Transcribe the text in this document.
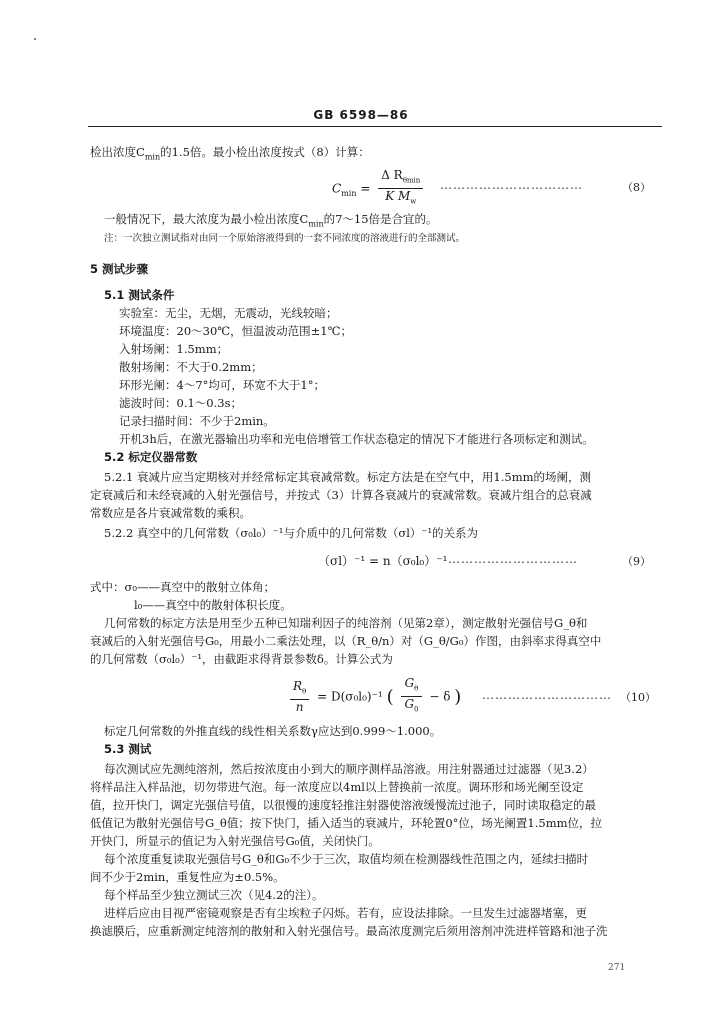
GB 6598—86
检出浓度$C_{min}$的1.5倍。最小检出浓度按式（8）计算：
$C_{min} = \frac{\Delta R_{\theta min}}{K M_w}$ ……………………………	（8）
一般情况下，最大浓度为最小检出浓度$C_{min}$的7～15倍是合宜的。
注：一次独立测试指对由同一个原始溶液得到的一套不同浓度的溶液进行的全部测试。
5 测试步骤
5.1 测试条件
实验室：无尘，无烟，无震动，光线较暗；
环境温度：20～30℃，恒温波动范围±1℃；
入射场阑：1.5mm；
散射场阑：不大于0.2mm；
环形光阑：4～7°均可，环宽不大于1°；
滤波时间：0.1～0.3s；
记录扫描时间：不少于2min。
开机3h后，在激光器输出功率和光电倍增管工作状态稳定的情况下才能进行各项标定和测试。
5.2 标定仪器常数
5.2.1 衰减片应当定期核对并经常标定其衰减常数。标定方法是在空气中，用1.5mm的场阑，测
定衰减后和未经衰减的入射光强信号，并按式（3）计算各衰减片的衰减常数。衰减片组合的总衰减
常数应是各片衰减常数的乘积。
5.2.2 真空中的几何常数（σ₀l₀）⁻¹与介质中的几何常数（σl）⁻¹的关系为
（σl）⁻¹ = n（σ₀l₀）⁻¹ …………………………	（9）
式中：σ₀——真空中的散射立体角；
l₀——真空中的散射体积长度。
几何常数的标定方法是用至少五种已知瑞利因子的纯溶剂（见第2章），测定散射光强信号G_θ和
衰减后的入射光强信号G₀，用最小二乘法处理，以（R_θ/n）对（G_θ/G₀）作图，由斜率求得真空中
的几何常数（σ₀l₀）⁻¹，由截距求得背景参数δ。计算公式为
$\frac{R_\theta}{n} = D(\sigma_0l_0)^{-1}$ ( $\frac{G_\theta}{G_0} - \delta$ ) ………………………… （10）
标定几何常数的外推直线的线性相关系数γ应达到0.999～1.000。
5.3 测试
每次测试应先测纯溶剂，然后按浓度由小到大的顺序测样品溶液。用注射器通过过滤器（见3.2）
将样品注入样品池，切勿带进气泡。每一浓度应以4ml以上替换前一浓度。调环形和场光阑至设定
值，拉开快门，调定光强信号值，以很慢的速度轻推注射器使溶液缓慢流过池子，同时读取稳定的最
低值记为散射光强信号G_θ值；按下快门，插入适当的衰减片，环轮置0°位，场光阑置1.5mm位，拉
开快门，所显示的值记为入射光强信号G₀值，关闭快门。
每个浓度重复读取光强信号G_θ和G₀不少于三次，取值均须在检测器线性范围之内，延续扫描时
间不少于2min，重复性应为±0.5%。
每个样品至少独立测试三次（见4.2的注）。
进样后应由目视严密镜观察是否有尘埃粒子闪烁。若有，应设法排除。一旦发生过滤器堵塞，更
换滤膜后，应重新测定纯溶剂的散射和入射光强信号。最高浓度测完后须用溶剂冲洗进样管路和池子洗
271
